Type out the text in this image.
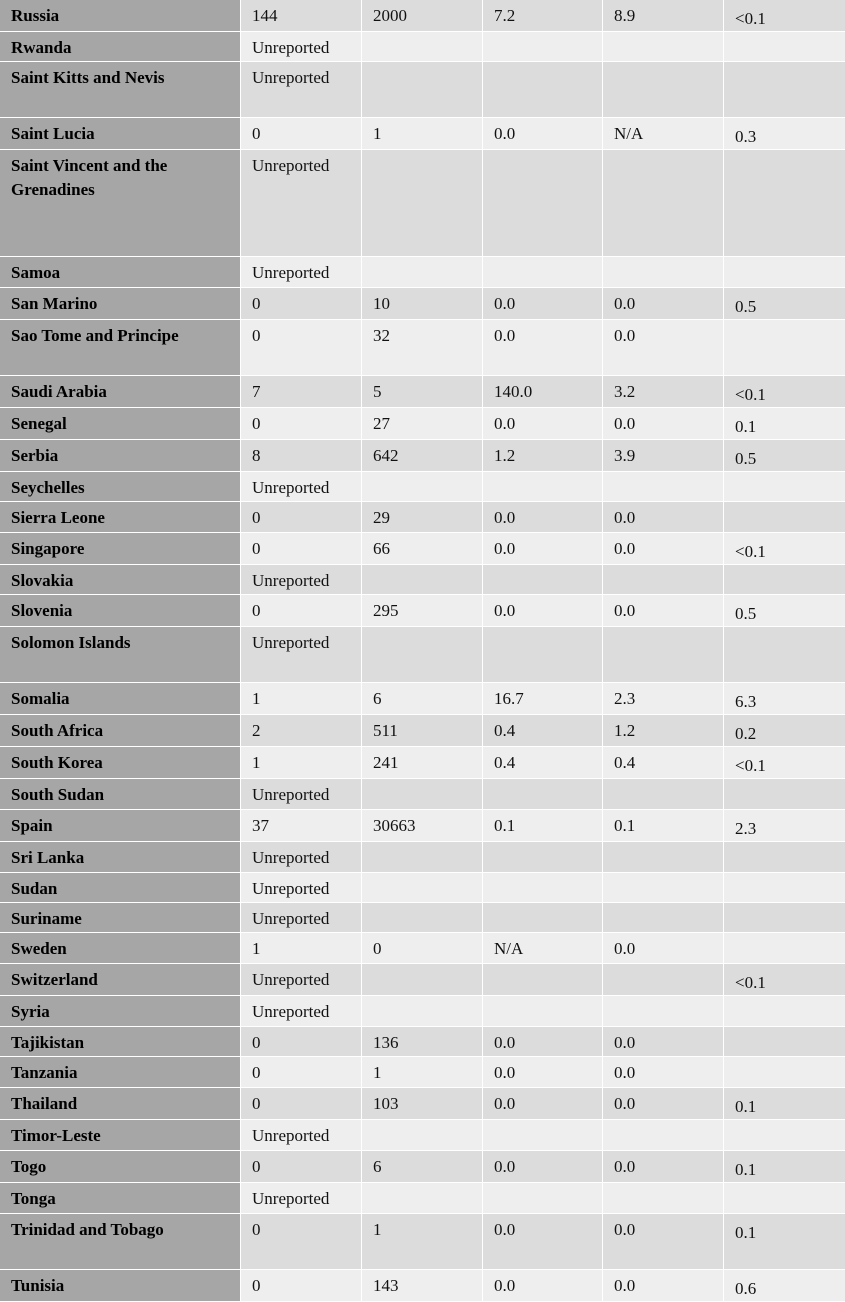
Russia	144	2000	7.2	8.9	<0.1
Rwanda	Unreported				
Saint Kitts and Nevis	Unreported				
Saint Lucia	0	1	0.0	N/A	0.3
Saint Vincent and the Grenadines	Unreported				
Samoa	Unreported				
San Marino	0	10	0.0	0.0	0.5
Sao Tome and Principe	0	32	0.0	0.0	
Saudi Arabia	7	5	140.0	3.2	<0.1
Senegal	0	27	0.0	0.0	0.1
Serbia	8	642	1.2	3.9	0.5
Seychelles	Unreported				
Sierra Leone	0	29	0.0	0.0	
Singapore	0	66	0.0	0.0	<0.1
Slovakia	Unreported				
Slovenia	0	295	0.0	0.0	0.5
Solomon Islands	Unreported				
Somalia	1	6	16.7	2.3	6.3
South Africa	2	511	0.4	1.2	0.2
South Korea	1	241	0.4	0.4	<0.1
South Sudan	Unreported				
Spain	37	30663	0.1	0.1	2.3
Sri Lanka	Unreported				
Sudan	Unreported				
Suriname	Unreported				
Sweden	1	0	N/A	0.0	
Switzerland	Unreported				<0.1
Syria	Unreported				
Tajikistan	0	136	0.0	0.0	
Tanzania	0	1	0.0	0.0	
Thailand	0	103	0.0	0.0	0.1
Timor-Leste	Unreported				
Togo	0	6	0.0	0.0	0.1
Tonga	Unreported				
Trinidad and Tobago	0	1	0.0	0.0	0.1
Tunisia	0	143	0.0	0.0	0.6
